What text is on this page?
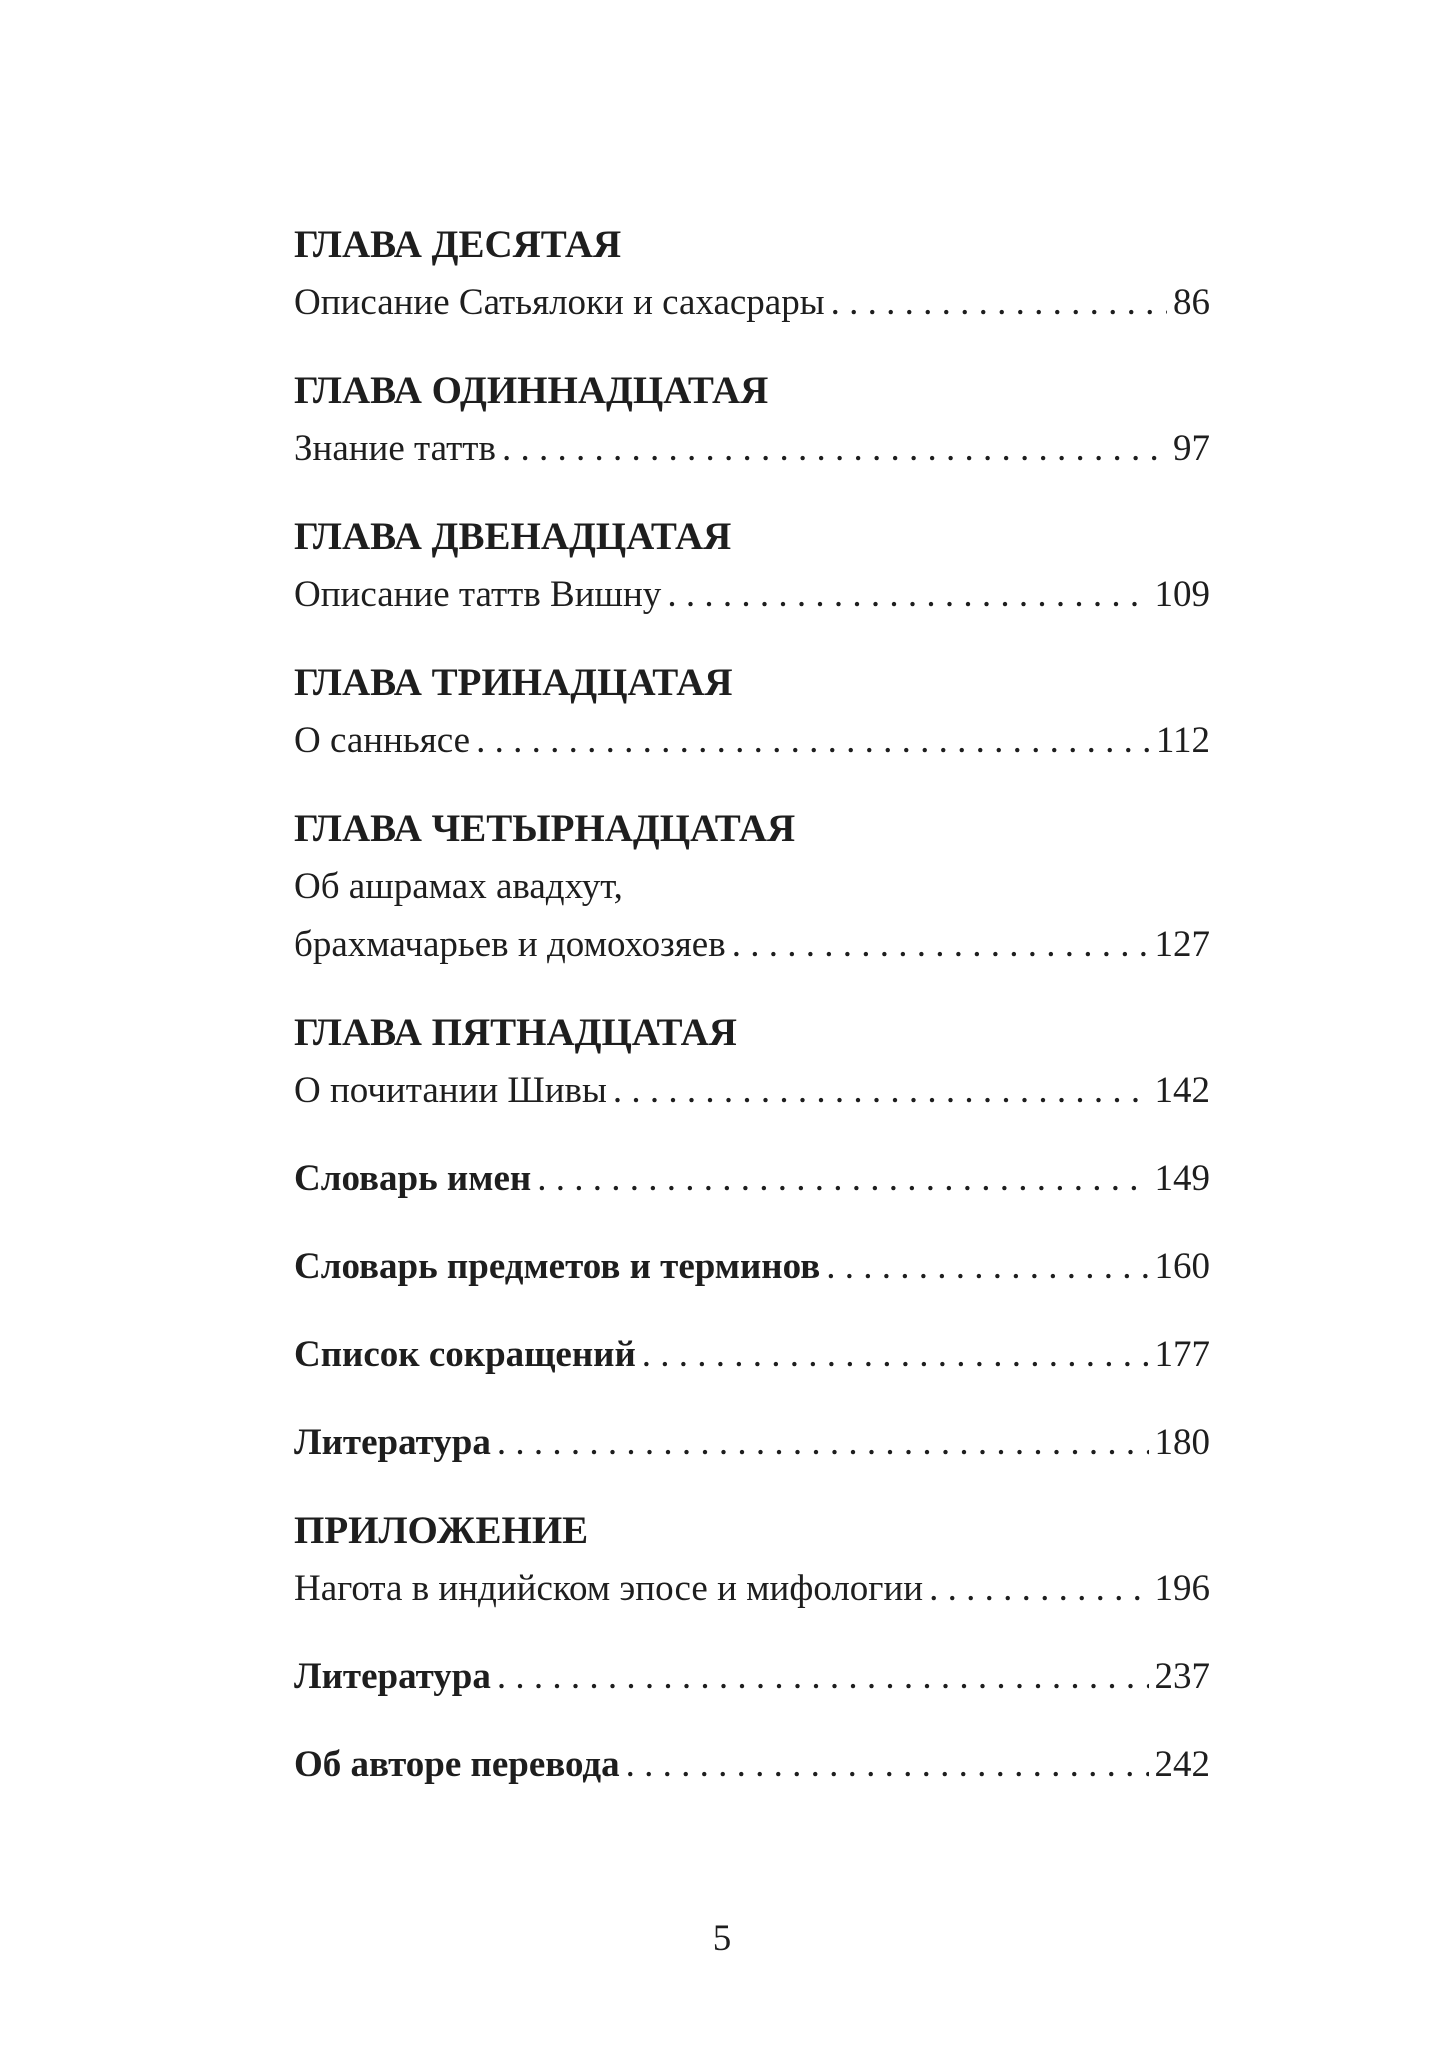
ГЛАВА ДЕСЯТАЯ
Описание Сатьялоки и сахасрары . . .	86
ГЛАВА ОДИННАДЦАТАЯ
Знание таттв . . .	97
ГЛАВА ДВЕНАДЦАТАЯ
Описание таттв Вишну . . .	109
ГЛАВА ТРИНАДЦАТАЯ
О санньясе . . .	112
ГЛАВА ЧЕТЫРНАДЦАТАЯ
Об ашрамах авадхут,
брахмачарьев и домохозяев . . .	127
ГЛАВА ПЯТНАДЦАТАЯ
О почитании Шивы . . .	142
Словарь имен . . .	149
Словарь предметов и терминов . . .	160
Список сокращений . . .	177
Литература . . .	180
ПРИЛОЖЕНИЕ
Нагота в индийском эпосе и мифологии . . .	196
Литература . . .	237
Об авторе перевода . . .	242
5
